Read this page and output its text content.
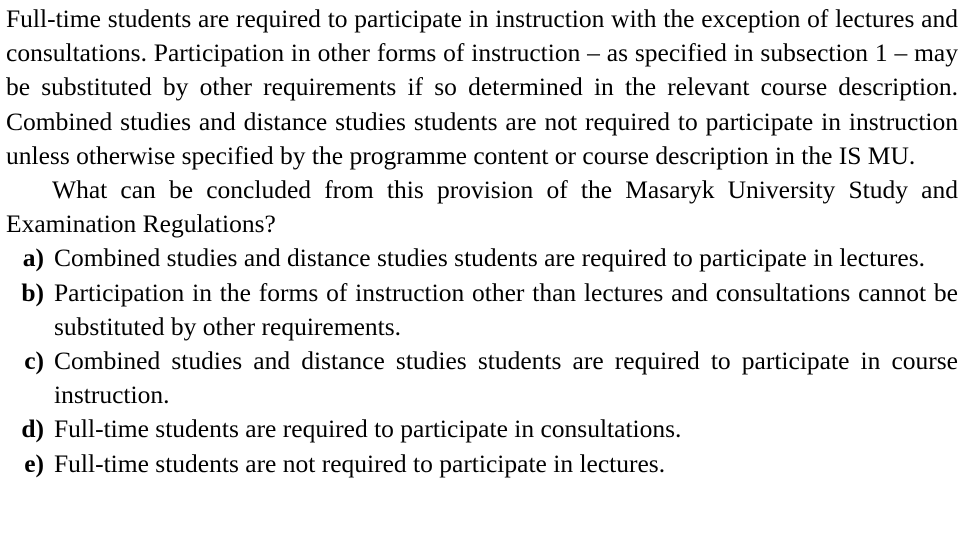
Full-time students are required to participate in instruction with the exception of lectures and consultations. Participation in other forms of instruction – as specified in subsection 1 – may be substituted by other requirements if so determined in the relevant course description. Combined studies and distance studies students are not required to participate in instruction unless otherwise specified by the programme content or course description in the IS MU.

What can be concluded from this provision of the Masaryk University Study and Examination Regulations?

a) Combined studies and distance studies students are required to participate in lectures.
b) Participation in the forms of instruction other than lectures and consultations cannot be substituted by other requirements.
c) Combined studies and distance studies students are required to participate in course instruction.
d) Full-time students are required to participate in consultations.
e) Full-time students are not required to participate in lectures.
